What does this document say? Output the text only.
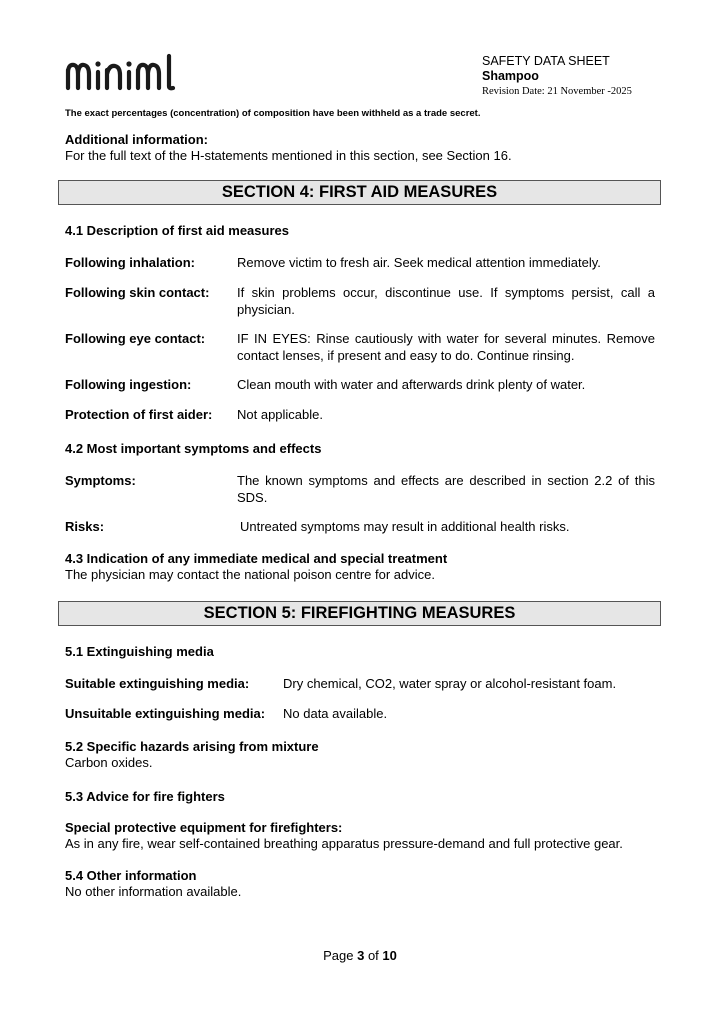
SAFETY DATA SHEET
Shampoo
Revision Date: 21 November -2025
The exact percentages (concentration) of composition have been withheld as a trade secret.
Additional information:
For the full text of the H-statements mentioned in this section, see Section 16.
SECTION 4: FIRST AID MEASURES
4.1 Description of first aid measures
Following inhalation:	Remove victim to fresh air. Seek medical attention immediately.
Following skin contact: If skin problems occur, discontinue use. If symptoms persist, call a physician.
Following eye contact: IF IN EYES: Rinse cautiously with water for several minutes. Remove contact lenses, if present and easy to do. Continue rinsing.
Following ingestion:	Clean mouth with water and afterwards drink plenty of water.
Protection of first aider: Not applicable.
4.2 Most important symptoms and effects
Symptoms:	The known symptoms and effects are described in section 2.2 of this SDS.
Risks:	Untreated symptoms may result in additional health risks.
4.3 Indication of any immediate medical and special treatment
The physician may contact the national poison centre for advice.
SECTION 5: FIREFIGHTING MEASURES
5.1 Extinguishing media
Suitable extinguishing media:	Dry chemical, CO2, water spray or alcohol-resistant foam.
Unsuitable extinguishing media: No data available.
5.2 Specific hazards arising from mixture
Carbon oxides.
5.3 Advice for fire fighters
Special protective equipment for firefighters:
As in any fire, wear self-contained breathing apparatus pressure-demand and full protective gear.
5.4 Other information
No other information available.
Page 3 of 10
